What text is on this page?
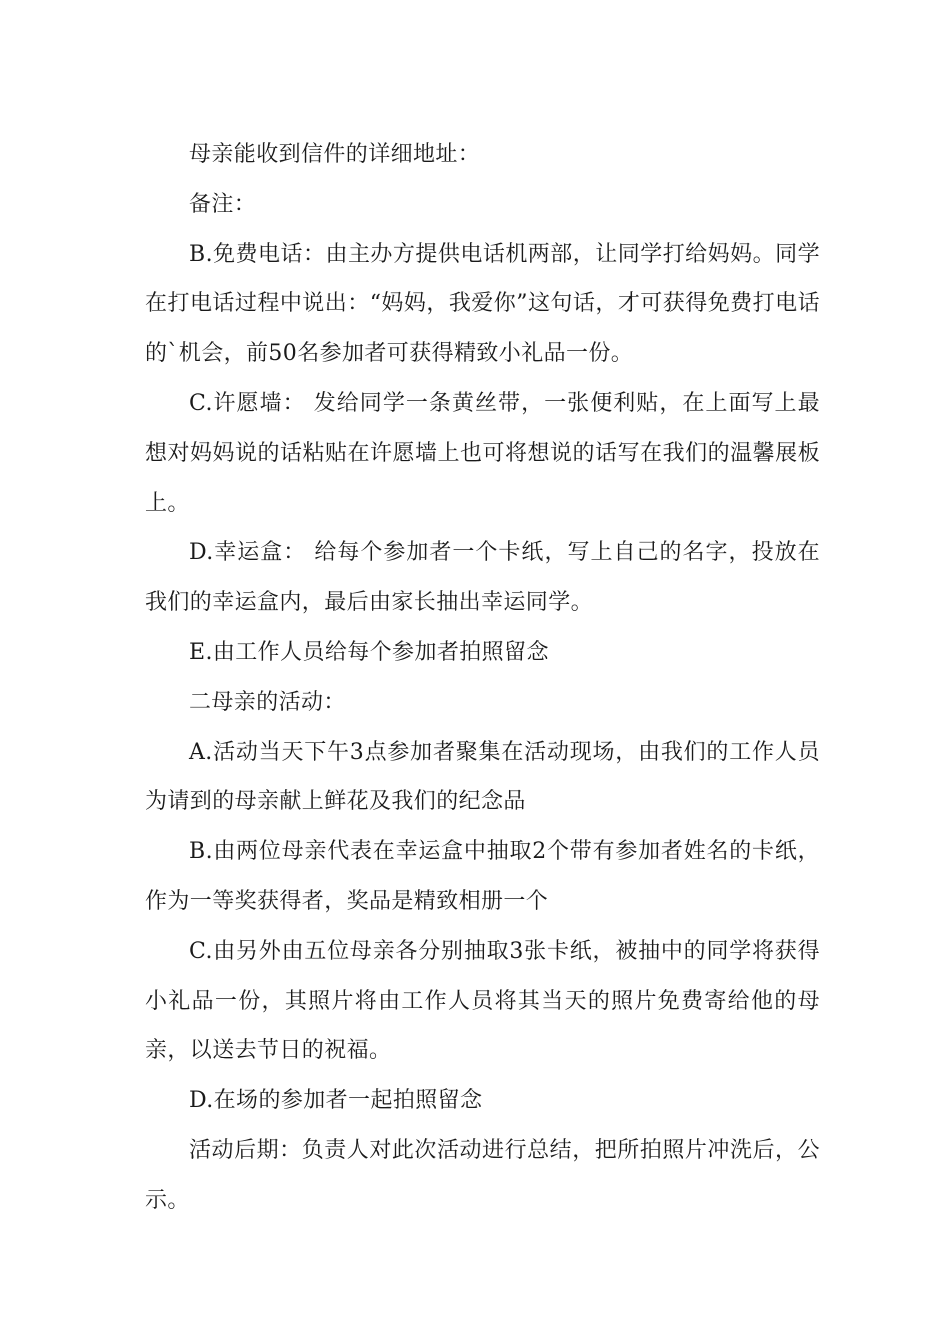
母亲能收到信件的详细地址：

备注：

B.免费电话：由主办方提供电话机两部，让同学打给妈妈。同学在打电话过程中说出：“妈妈，我爱你”这句话，才可获得免费打电话的`机会，前50名参加者可获得精致小礼品一份。

C.许愿墙： 发给同学一条黄丝带，一张便利贴，在上面写上最想对妈妈说的话粘贴在许愿墙上也可将想说的话写在我们的温馨展板上。

D.幸运盒： 给每个参加者一个卡纸，写上自己的名字，投放在我们的幸运盒内，最后由家长抽出幸运同学。

E.由工作人员给每个参加者拍照留念

二母亲的活动：

A.活动当天下午3点参加者聚集在活动现场，由我们的工作人员为请到的母亲献上鲜花及我们的纪念品

B.由两位母亲代表在幸运盒中抽取2个带有参加者姓名的卡纸，作为一等奖获得者，奖品是精致相册一个

C.由另外由五位母亲各分别抽取3张卡纸，被抽中的同学将获得小礼品一份，其照片将由工作人员将其当天的照片免费寄给他的母亲，以送去节日的祝福。

D.在场的参加者一起拍照留念

活动后期：负责人对此次活动进行总结，把所拍照片冲洗后，公示。
